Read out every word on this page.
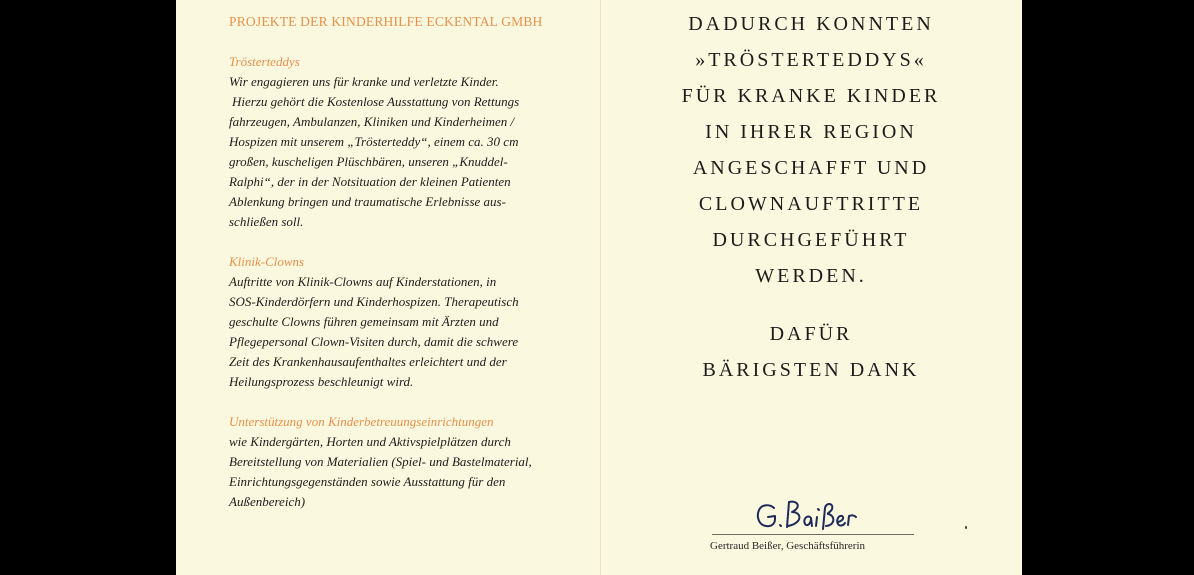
PROJEKTE DER KINDERHILFE ECKENTAL GMBH
Trösterteddys
Wir engagieren uns für kranke und verletzte Kinder.
Hierzu gehört die Kostenlose Ausstattung von Rettungs
fahrzeugen, Ambulanzen, Kliniken und Kinderheimen /
Hospizen mit unserem „Trösterteddy“, einem ca. 30 cm
großen, kuscheligen Plüschbären, unseren „Knuddel-
Ralphi“, der in der Notsituation der kleinen Patienten
Ablenkung bringen und traumatische Erlebnisse aus-
schließen soll.
Klinik-Clowns
Auftritte von Klinik-Clowns auf Kinderstationen, in
SOS-Kinderdörfern und Kinderhospizen. Therapeutisch
geschulte Clowns führen gemeinsam mit Ärzten und
Pflegepersonal Clown-Visiten durch, damit die schwere
Zeit des Krankenhausaufenthaltes erleichtert und der
Heilungsprozess beschleunigt wird.
Unterstützung von Kinderbetreuungseinrichtungen
wie Kindergärten, Horten und Aktivspielplätzen durch
Bereitstellung von Materialien (Spiel- und Bastelmaterial,
Einrichtungsgegenständen sowie Ausstattung für den
Außenbereich)
DADURCH KONNTEN
»TRÖSTERTEDDYS«
FÜR KRANKE KINDER
IN IHRER REGION
ANGESCHAFFT UND
CLOWNAUFTRITTE
DURCHGEFÜHRT
WERDEN.
DAFÜR
BÄRIGSTEN DANK
Gertraud Beißer, Geschäftsführerin
